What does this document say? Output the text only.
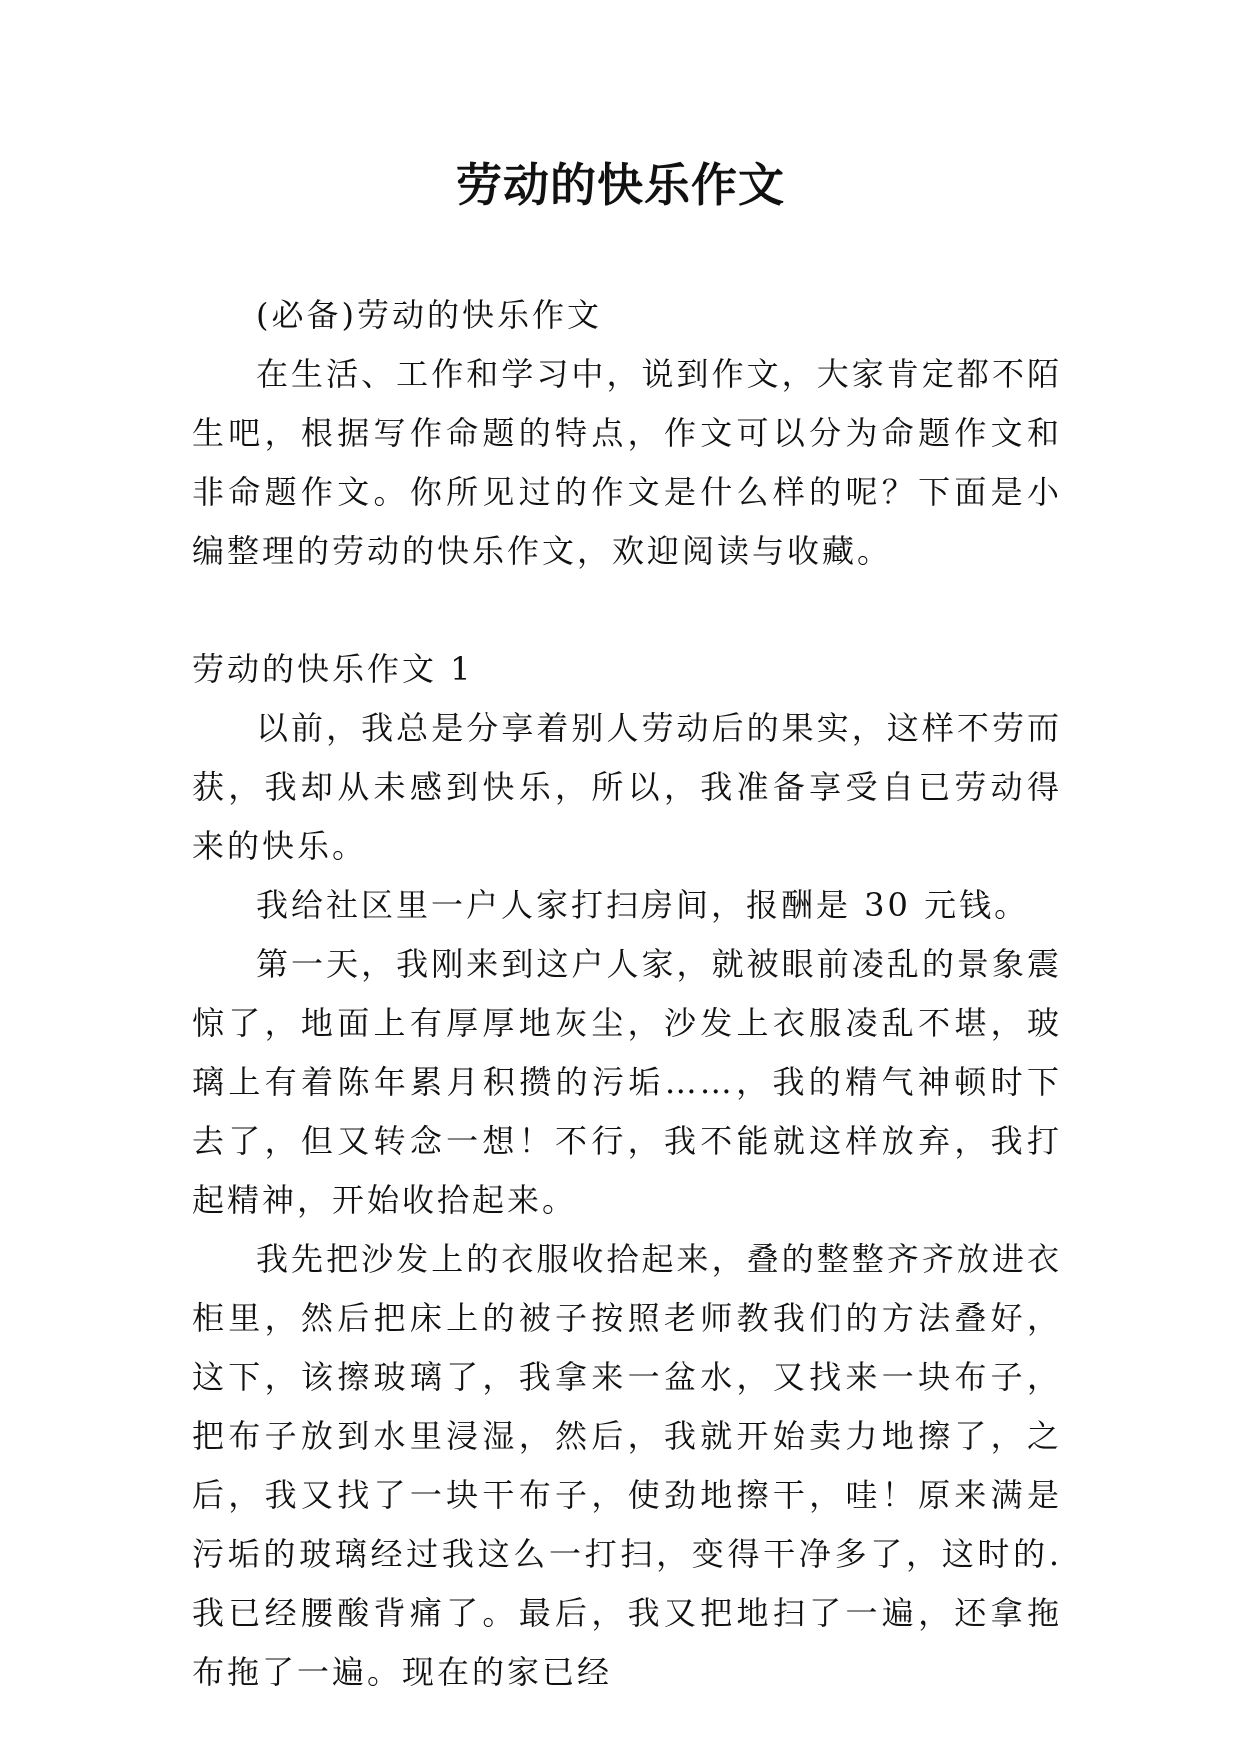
劳动的快乐作文

(必备)劳动的快乐作文

在生活、工作和学习中，说到作文，大家肯定都不陌生吧，根据写作命题的特点，作文可以分为命题作文和非命题作文。你所见过的作文是什么样的呢？下面是小编整理的劳动的快乐作文，欢迎阅读与收藏。

劳动的快乐作文 1

以前，我总是分享着别人劳动后的果实，这样不劳而获，我却从未感到快乐，所以，我准备享受自已劳动得来的快乐。

我给社区里一户人家打扫房间，报酬是 30 元钱。

第一天，我刚来到这户人家，就被眼前凌乱的景象震惊了，地面上有厚厚地灰尘，沙发上衣服凌乱不堪，玻璃上有着陈年累月积攒的污垢……，我的精气神顿时下去了，但又转念一想！不行，我不能就这样放弃，我打起精神，开始收拾起来。

我先把沙发上的衣服收拾起来，叠的整整齐齐放进衣柜里，然后把床上的被子按照老师教我们的方法叠好，这下，该擦玻璃了，我拿来一盆水，又找来一块布子，把布子放到水里浸湿，然后，我就开始卖力地擦了，之后，我又找了一块干布子，使劲地擦干，哇！原来满是污垢的玻璃经过我这么一打扫，变得干净多了，这时的.我已经腰酸背痛了。最后，我又把地扫了一遍，还拿拖布拖了一遍。现在的家已经
